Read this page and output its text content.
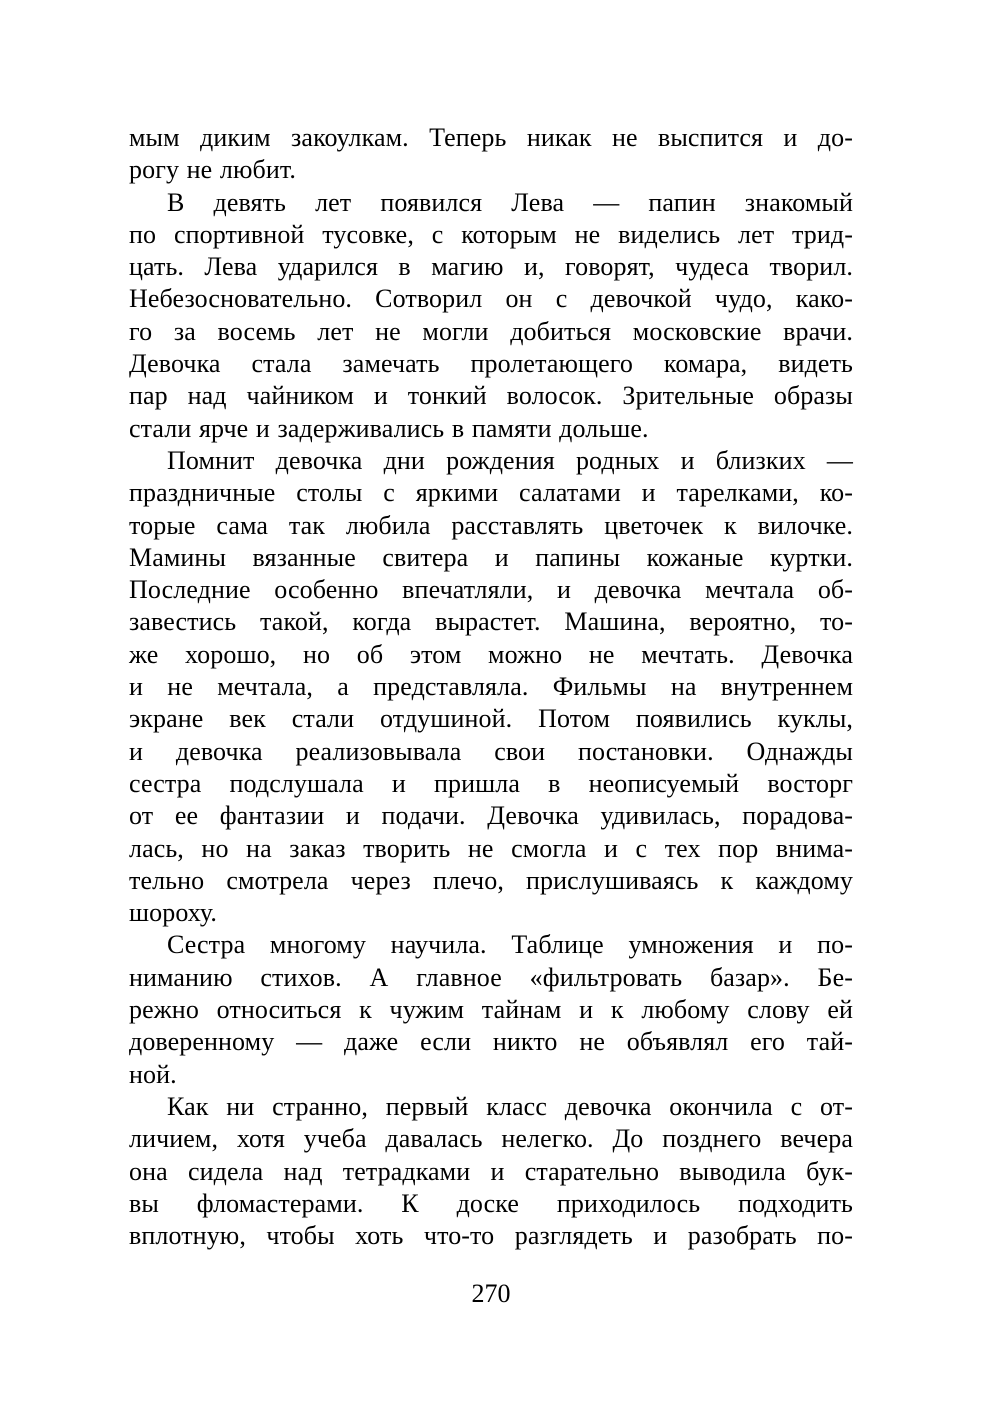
мым диким закоулкам. Теперь никак не выспится и до-
рогу не любит.
В девять лет появился Лева — папин знакомый
по спортивной тусовке, с которым не виделись лет трид-
цать. Лева ударился в магию и, говорят, чудеса творил.
Небезосновательно. Сотворил он с девочкой чудо, како-
го за восемь лет не могли добиться московские врачи.
Девочка стала замечать пролетающего комара, видеть
пар над чайником и тонкий волосок. Зрительные образы
стали ярче и задерживались в памяти дольше.
Помнит девочка дни рождения родных и близких —
праздничные столы с яркими салатами и тарелками, ко-
торые сама так любила расставлять цветочек к вилочке.
Мамины вязанные свитера и папины кожаные куртки.
Последние особенно впечатляли, и девочка мечтала об-
завестись такой, когда вырастет. Машина, вероятно, то-
же хорошо, но об этом можно не мечтать. Девочка
и не мечтала, а представляла. Фильмы на внутреннем
экране век стали отдушиной. Потом появились куклы,
и девочка реализовывала свои постановки. Однажды
сестра подслушала и пришла в неописуемый восторг
от ее фантазии и подачи. Девочка удивилась, порадова-
лась, но на заказ творить не смогла и с тех пор внима-
тельно смотрела через плечо, прислушиваясь к каждому
шороху.
Сестра многому научила. Таблице умножения и по-
ниманию стихов. А главное «фильтровать базар». Бе-
режно относиться к чужим тайнам и к любому слову ей
доверенному — даже если никто не объявлял его тай-
ной.
Как ни странно, первый класс девочка окончила с от-
личием, хотя учеба давалась нелегко. До позднего вечера
она сидела над тетрадками и старательно выводила бук-
вы фломастерами. К доске приходилось подходить
вплотную, чтобы хоть что-то разглядеть и разобрать по-
270
